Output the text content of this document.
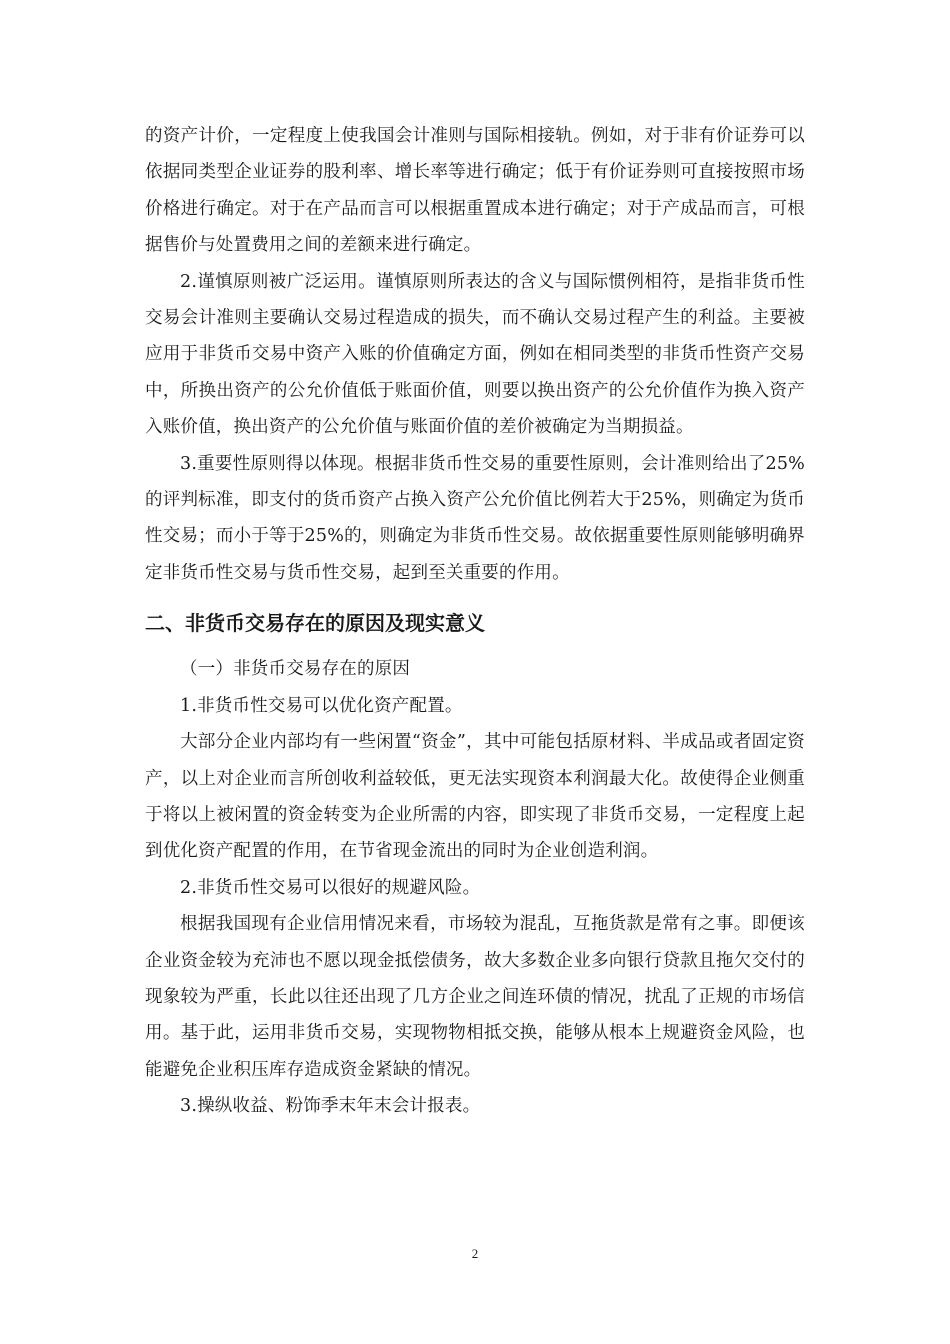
的资产计价，一定程度上使我国会计准则与国际相接轨。例如，对于非有价证券可以依据同类型企业证券的股利率、增长率等进行确定；低于有价证券则可直接按照市场价格进行确定。对于在产品而言可以根据重置成本进行确定；对于产成品而言，可根据售价与处置费用之间的差额来进行确定。

2.谨慎原则被广泛运用。谨慎原则所表达的含义与国际惯例相符，是指非货币性交易会计准则主要确认交易过程造成的损失，而不确认交易过程产生的利益。主要被应用于非货币交易中资产入账的价值确定方面，例如在相同类型的非货币性资产交易中，所换出资产的公允价值低于账面价值，则要以换出资产的公允价值作为换入资产入账价值，换出资产的公允价值与账面价值的差价被确定为当期损益。

3.重要性原则得以体现。根据非货币性交易的重要性原则，会计准则给出了25%的评判标准，即支付的货币资产占换入资产公允价值比例若大于25%，则确定为货币性交易；而小于等于25%的，则确定为非货币性交易。故依据重要性原则能够明确界定非货币性交易与货币性交易，起到至关重要的作用。

二、非货币交易存在的原因及现实意义

（一）非货币交易存在的原因

1.非货币性交易可以优化资产配置。

大部分企业内部均有一些闲置“资金”，其中可能包括原材料、半成品或者固定资产，以上对企业而言所创收利益较低，更无法实现资本利润最大化。故使得企业侧重于将以上被闲置的资金转变为企业所需的内容，即实现了非货币交易，一定程度上起到优化资产配置的作用，在节省现金流出的同时为企业创造利润。

2.非货币性交易可以很好的规避风险。

根据我国现有企业信用情况来看，市场较为混乱，互拖货款是常有之事。即便该企业资金较为充沛也不愿以现金抵偿债务，故大多数企业多向银行贷款且拖欠交付的现象较为严重，长此以往还出现了几方企业之间连环债的情况，扰乱了正规的市场信用。基于此，运用非货币交易，实现物物相抵交换，能够从根本上规避资金风险，也能避免企业积压库存造成资金紧缺的情况。

3.操纵收益、粉饰季末年末会计报表。

2
